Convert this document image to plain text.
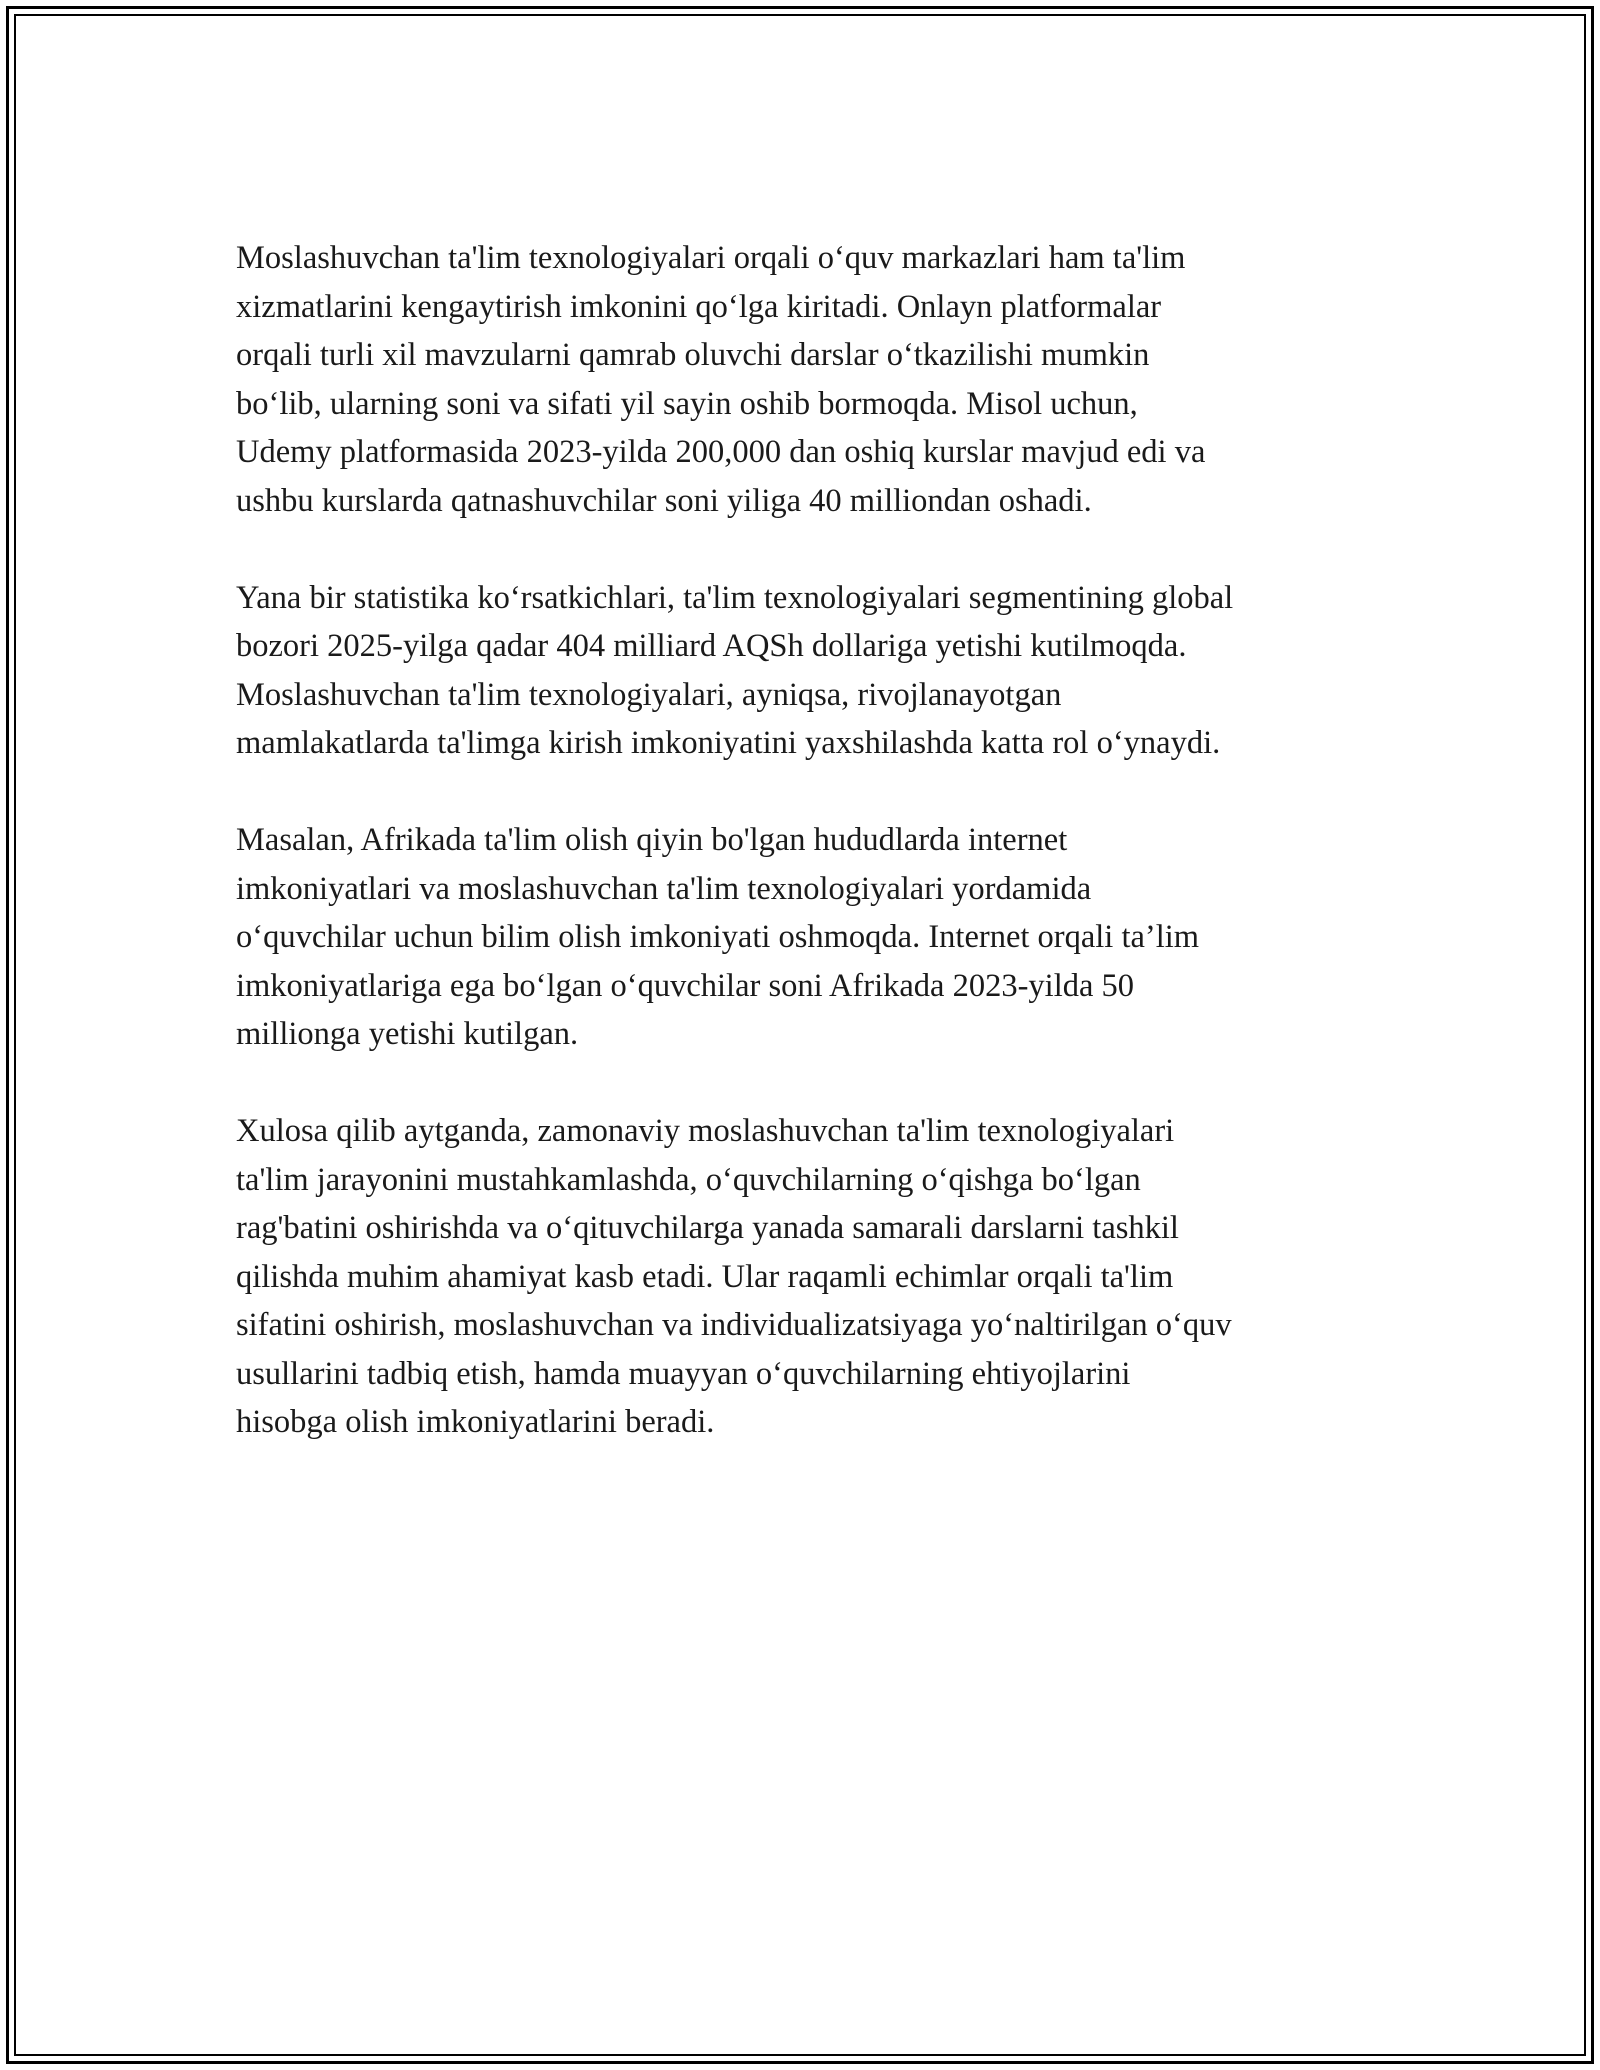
Moslashuvchan ta'lim texnologiyalari orqali o‘quv markazlari ham ta'lim
xizmatlarini kengaytirish imkonini qo‘lga kiritadi. Onlayn platformalar
orqali turli xil mavzularni qamrab oluvchi darslar o‘tkazilishi mumkin
bo‘lib, ularning soni va sifati yil sayin oshib bormoqda. Misol uchun,
Udemy platformasida 2023-yilda 200,000 dan oshiq kurslar mavjud edi va
ushbu kurslarda qatnashuvchilar soni yiliga 40 milliondan oshadi.

Yana bir statistika ko‘rsatkichlari, ta'lim texnologiyalari segmentining global
bozori 2025-yilga qadar 404 milliard AQSh dollariga yetishi kutilmoqda.
Moslashuvchan ta'lim texnologiyalari, ayniqsa, rivojlanayotgan
mamlakatlarda ta'limga kirish imkoniyatini yaxshilashda katta rol o‘ynaydi.

Masalan, Afrikada ta'lim olish qiyin bo'lgan hududlarda internet
imkoniyatlari va moslashuvchan ta'lim texnologiyalari yordamida
o‘quvchilar uchun bilim olish imkoniyati oshmoqda. Internet orqali ta’lim
imkoniyatlariga ega bo‘lgan o‘quvchilar soni Afrikada 2023-yilda 50
millionga yetishi kutilgan.

Xulosa qilib aytganda, zamonaviy moslashuvchan ta'lim texnologiyalari
ta'lim jarayonini mustahkamlashda, o‘quvchilarning o‘qishga bo‘lgan
rag'batini oshirishda va o‘qituvchilarga yanada samarali darslarni tashkil
qilishda muhim ahamiyat kasb etadi. Ular raqamli echimlar orqali ta'lim
sifatini oshirish, moslashuvchan va individualizatsiyaga yo‘naltirilgan o‘quv
usullarini tadbiq etish, hamda muayyan o‘quvchilarning ehtiyojlarini
hisobga olish imkoniyatlarini beradi.
